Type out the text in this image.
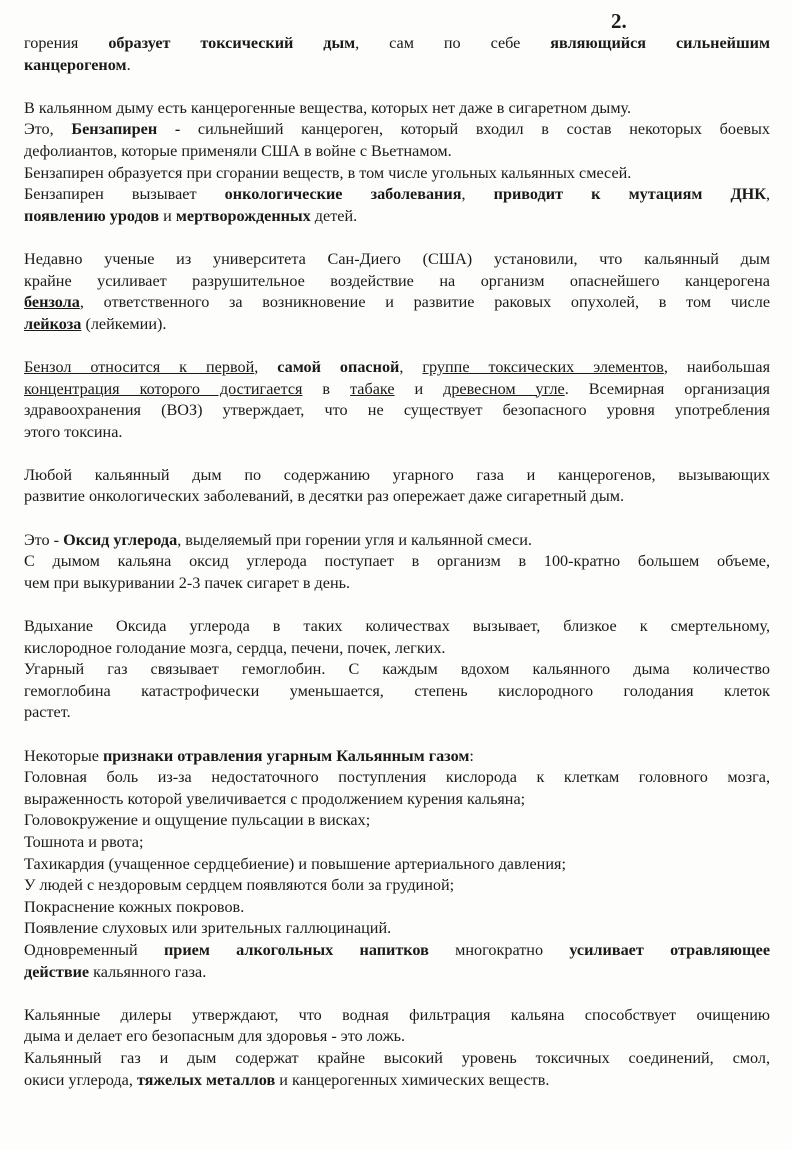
2.
горения образует токсический дым, сам по себе являющийся сильнейшим
канцерогеном.
В кальянном дыму есть канцерогенные вещества, которых нет даже в сигаретном дыму.
Это, Бензапирен - сильнейший канцероген, который входил в состав некоторых боевых
дефолиантов, которые применяли США в войне с Вьетнамом.
Бензапирен образуется при сгорании веществ, в том числе угольных кальянных смесей.
Бензапирен вызывает онкологические заболевания, приводит к мутациям ДНК,
появлению уродов и мертворожденных детей.
Недавно ученые из университета Сан-Диего (США) установили, что кальянный дым
крайне усиливает разрушительное воздействие на организм опаснейшего канцерогена
бензола, ответственного за возникновение и развитие раковых опухолей, в том числе
лейкоза (лейкемии).
Бензол относится к первой, самой опасной, группе токсических элементов, наибольшая
концентрация которого достигается в табаке и древесном угле. Всемирная организация
здравоохранения (ВОЗ) утверждает, что не существует безопасного уровня употребления
этого токсина.
Любой кальянный дым по содержанию угарного газа и канцерогенов, вызывающих
развитие онкологических заболеваний, в десятки раз опережает даже сигаретный дым.
Это - Оксид углерода, выделяемый при горении угля и кальянной смеси.
С дымом кальяна оксид углерода поступает в организм в 100-кратно большем объеме,
чем при выкуривании 2-3 пачек сигарет в день.
Вдыхание Оксида углерода в таких количествах вызывает, близкое к смертельному,
кислородное голодание мозга, сердца, печени, почек, легких.
Угарный газ связывает гемоглобин. С каждым вдохом кальянного дыма количество
гемоглобина катастрофически уменьшается, степень кислородного голодания клеток
растет.
Некоторые признаки отравления угарным Кальянным газом:
Головная боль из-за недостаточного поступления кислорода к клеткам головного мозга,
выраженность которой увеличивается с продолжением курения кальяна;
Головокружение и ощущение пульсации в висках;
Тошнота и рвота;
Тахикардия (учащенное сердцебиение) и повышение артериального давления;
У людей с нездоровым сердцем появляются боли за грудиной;
Покраснение кожных покровов.
Появление слуховых или зрительных галлюцинаций.
Одновременный прием алкогольных напитков многократно усиливает отравляющее
действие кальянного газа.
Кальянные дилеры утверждают, что водная фильтрация кальяна способствует очищению
дыма и делает его безопасным для здоровья - это ложь.
Кальянный газ и дым содержат крайне высокий уровень токсичных соединений, смол,
окиси углерода, тяжелых металлов и канцерогенных химических веществ.
